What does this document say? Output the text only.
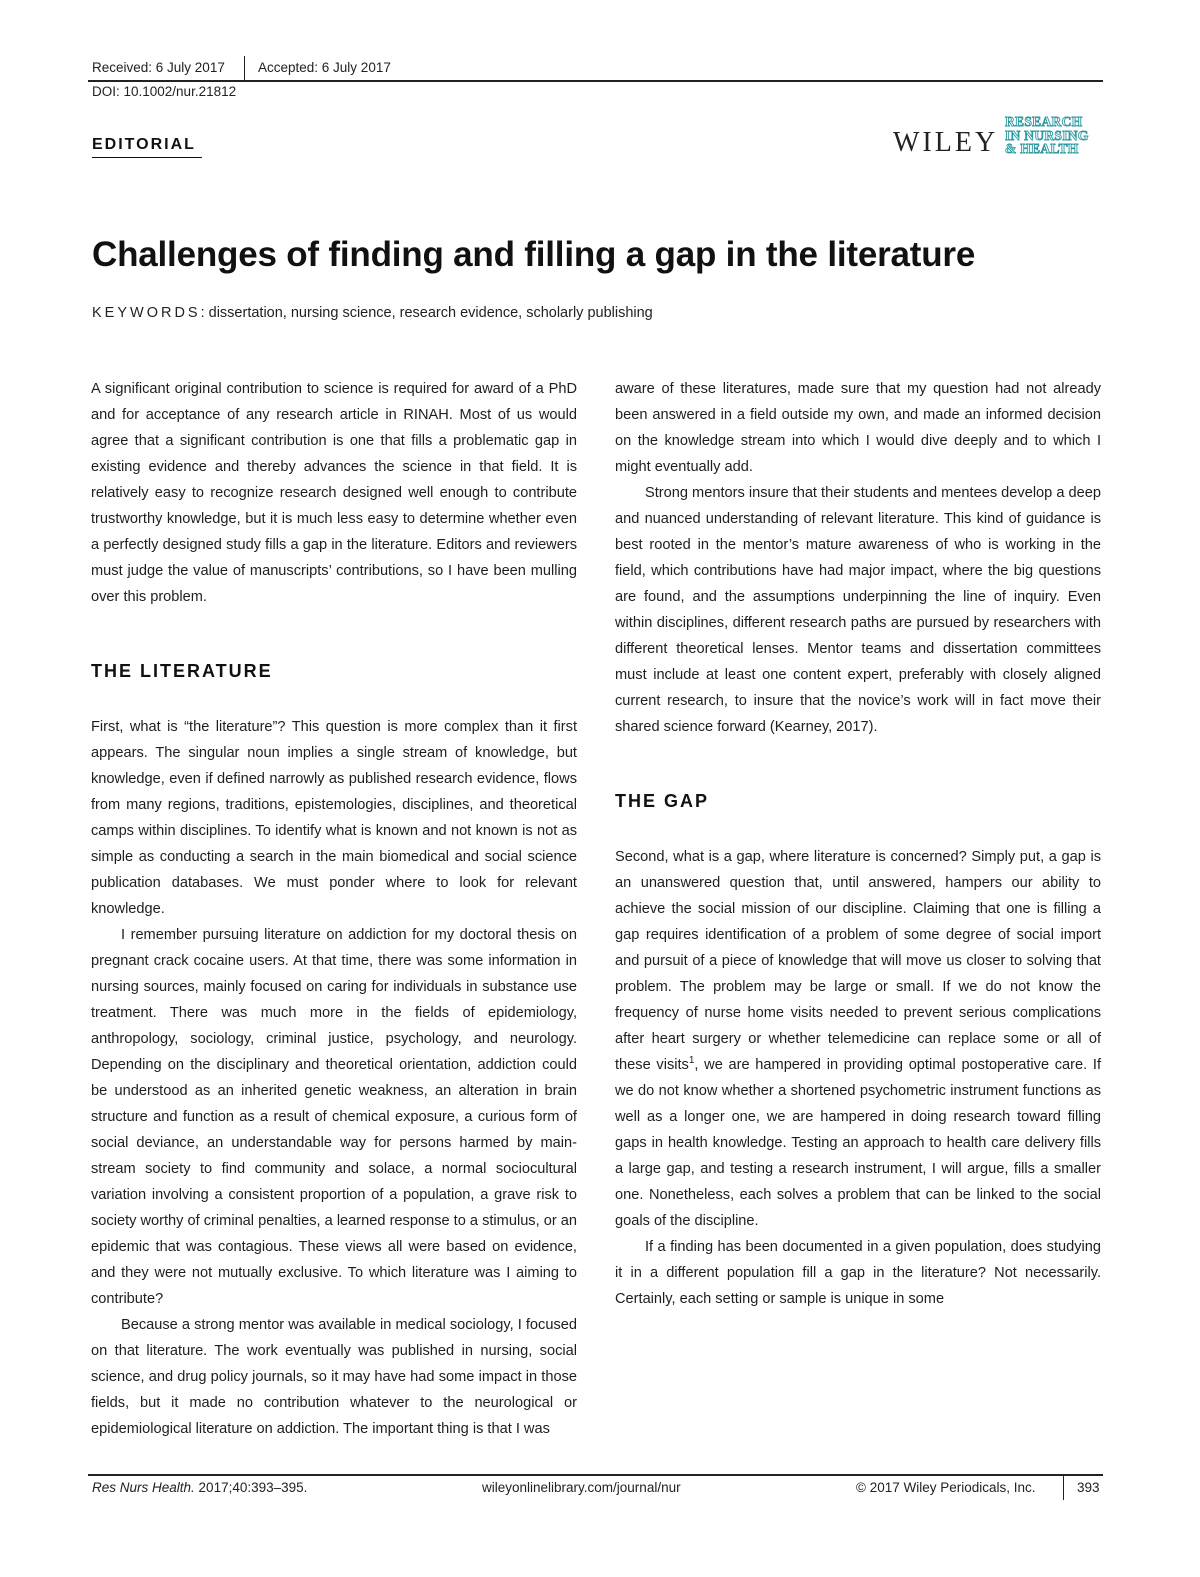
Received: 6 July 2017 Accepted: 6 July 2017
DOI: 10.1002/nur.21812
EDITORIAL	WILEY
RESEARCH
IN NURSING
& HEALTH
Challenges of finding and filling a gap in the literature
KEYWORDS: dissertation, nursing science, research evidence, scholarly publishing

A significant original contribution to science is required for award of a PhD and for acceptance of any research article in RINAH. Most of us would agree that a significant contribution is one that fills a problematic gap in existing evidence and thereby advances the science in that field. It is relatively easy to recognize research designed well enough to contribute trustworthy knowledge, but it is much less easy to determine whether even a perfectly designed study fills a gap in the literature. Editors and reviewers must judge the value of manuscripts’ contributions, so I have been mulling over this problem.

THE LITERATURE

First, what is “the literature”? This question is more complex than it first appears. The singular noun implies a single stream of knowledge, but knowledge, even if defined narrowly as published research evidence, flows from many regions, traditions, epistemologies, disciplines, and theoretical camps within disciplines. To identify what is known and not known is not as simple as conducting a search in the main biomedical and social science publication databases. We must ponder where to look for relevant knowledge.

I remember pursuing literature on addiction for my doctoral thesis on pregnant crack cocaine users. At that time, there was some information in nursing sources, mainly focused on caring for individuals in substance use treatment. There was much more in the fields of epidemiology, anthropology, sociology, criminal justice, psychology, and neurology. Depending on the disciplinary and theoretical orientation, addiction could be understood as an inherited genetic weakness, an alteration in brain structure and function as a result of chemical exposure, a curious form of social deviance, an understandable way for persons harmed by mainstream society to find community and solace, a normal sociocultural variation involving a consistent proportion of a population, a grave risk to society worthy of criminal penalties, a learned response to a stimulus, or an epidemic that was contagious. These views all were based on evidence, and they were not mutually exclusive. To which literature was I aiming to contribute?

Because a strong mentor was available in medical sociology, I focused on that literature. The work eventually was published in nursing, social science, and drug policy journals, so it may have had some impact in those fields, but it made no contribution whatever to the neurological or epidemiological literature on addiction. The important thing is that I was

aware of these literatures, made sure that my question had not already been answered in a field outside my own, and made an informed decision on the knowledge stream into which I would dive deeply and to which I might eventually add.

Strong mentors insure that their students and mentees develop a deep and nuanced understanding of relevant literature. This kind of guidance is best rooted in the mentor’s mature awareness of who is working in the field, which contributions have had major impact, where the big questions are found, and the assumptions underpinning the line of inquiry. Even within disciplines, different research paths are pursued by researchers with different theoretical lenses. Mentor teams and dissertation committees must include at least one content expert, preferably with closely aligned current research, to insure that the novice’s work will in fact move their shared science forward (Kearney, 2017).

THE GAP

Second, what is a gap, where literature is concerned? Simply put, a gap is an unanswered question that, until answered, hampers our ability to achieve the social mission of our discipline. Claiming that one is filling a gap requires identification of a problem of some degree of social import and pursuit of a piece of knowledge that will move us closer to solving that problem. The problem may be large or small. If we do not know the frequency of nurse home visits needed to prevent serious complications after heart surgery or whether telemedicine can replace some or all of these visits$^1$, we are hampered in providing optimal postoperative care. If we do not know whether a shortened psychometric instrument functions as well as a longer one, we are hampered in doing research toward filling gaps in health knowledge. Testing an approach to health care delivery fills a large gap, and testing a research instrument, I will argue, fills a smaller one. Nonetheless, each solves a problem that can be linked to the social goals of the discipline.

If a finding has been documented in a given population, does studying it in a different population fill a gap in the literature? Not necessarily. Certainly, each setting or sample is unique in some

Res Nurs Health. 2017;40:393–395.	wileyonlinelibrary.com/journal/nur	© 2017 Wiley Periodicals, Inc.	393
